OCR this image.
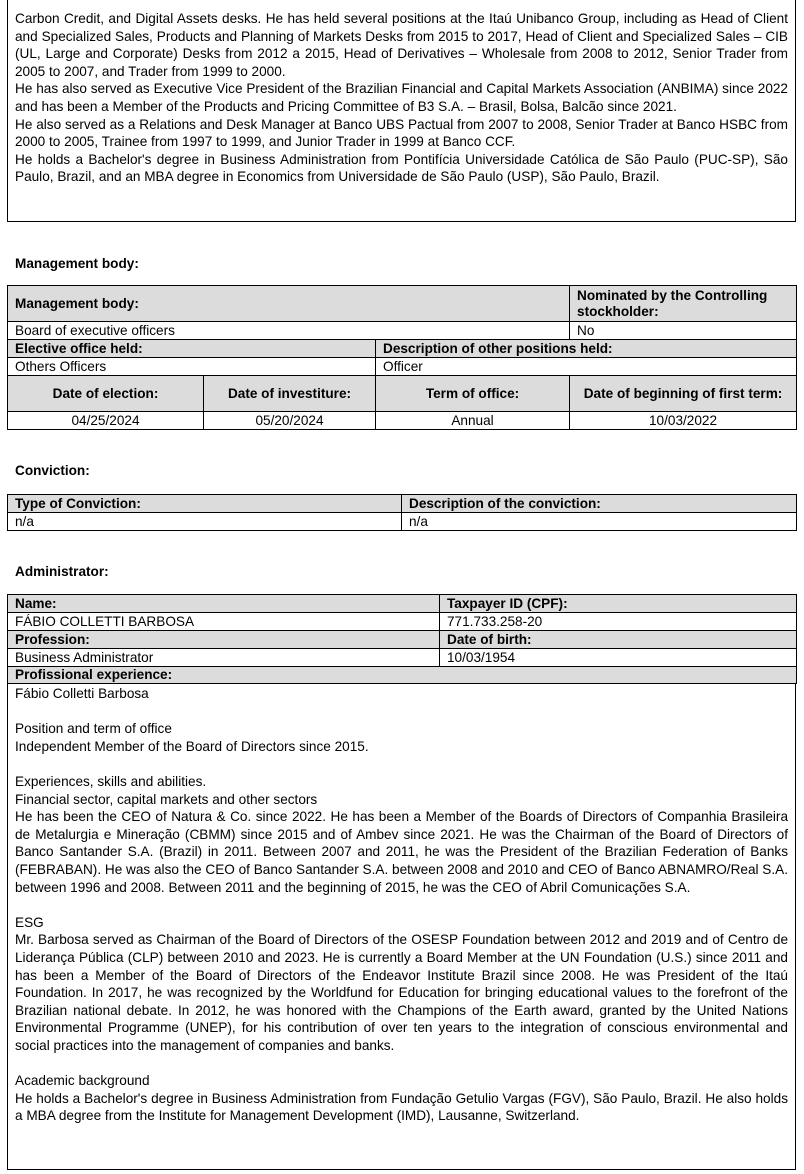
Carbon Credit, and Digital Assets desks. He has held several positions at the Itaú Unibanco Group, including as Head of Client and Specialized Sales, Products and Planning of Markets Desks from 2015 to 2017, Head of Client and Specialized Sales – CIB (UL, Large and Corporate) Desks from 2012 a 2015, Head of Derivatives – Wholesale from 2008 to 2012, Senior Trader from 2005 to 2007, and Trader from 1999 to 2000.

He has also served as Executive Vice President of the Brazilian Financial and Capital Markets Association (ANBIMA) since 2022 and has been a Member of the Products and Pricing Committee of B3 S.A. – Brasil, Bolsa, Balcão since 2021.

He also served as a Relations and Desk Manager at Banco UBS Pactual from 2007 to 2008, Senior Trader at Banco HSBC from 2000 to 2005, Trainee from 1997 to 1999, and Junior Trader in 1999 at Banco CCF.

He holds a Bachelor's degree in Business Administration from Pontifícia Universidade Católica de São Paulo (PUC-SP), São Paulo, Brazil, and an MBA degree in Economics from Universidade de São Paulo (USP), São Paulo, Brazil.

Management body:
Management body:			Nominated by the Controlling stockholder:
Board of executive officers			No
Elective office held:		Description of other positions held:	
Others Officers		Officer	
Date of election:	Date of investiture:	Term of office:	Date of beginning of first term:
04/25/2024	05/20/2024	Annual	10/03/2022
Conviction:
Type of Conviction:	Description of the conviction:
n/a	n/a
Administrator:
Name:	Taxpayer ID (CPF):
FÁBIO COLLETTI BARBOSA	771.733.258-20
Profession:	Date of birth:
Business Administrator	10/03/1954
Profissional experience:	

Fábio Colletti Barbosa

Position and term of office

Independent Member of the Board of Directors since 2015.

Experiences, skills and abilities.

Financial sector, capital markets and other sectors

He has been the CEO of Natura & Co. since 2022. He has been a Member of the Boards of Directors of Companhia Brasileira de Metalurgia e Mineração (CBMM) since 2015 and of Ambev since 2021. He was the Chairman of the Board of Directors of Banco Santander S.A. (Brazil) in 2011. Between 2007 and 2011, he was the President of the Brazilian Federation of Banks (FEBRABAN). He was also the CEO of Banco Santander S.A. between 2008 and 2010 and CEO of Banco ABNAMRO/Real S.A. between 1996 and 2008. Between 2011 and the beginning of 2015, he was the CEO of Abril Comunicações S.A.

ESG

Mr. Barbosa served as Chairman of the Board of Directors of the OSESP Foundation between 2012 and 2019 and of Centro de Liderança Pública (CLP) between 2010 and 2023. He is currently a Board Member at the UN Foundation (U.S.) since 2011 and has been a Member of the Board of Directors of the Endeavor Institute Brazil since 2008. He was President of the Itaú Foundation. In 2017, he was recognized by the Worldfund for Education for bringing educational values to the forefront of the Brazilian national debate. In 2012, he was honored with the Champions of the Earth award, granted by the United Nations Environmental Programme (UNEP), for his contribution of over ten years to the integration of conscious environmental and social practices into the management of companies and banks.

Academic background

He holds a Bachelor's degree in Business Administration from Fundação Getulio Vargas (FGV), São Paulo, Brazil. He also holds a MBA degree from the Institute for Management Development (IMD), Lausanne, Switzerland.
